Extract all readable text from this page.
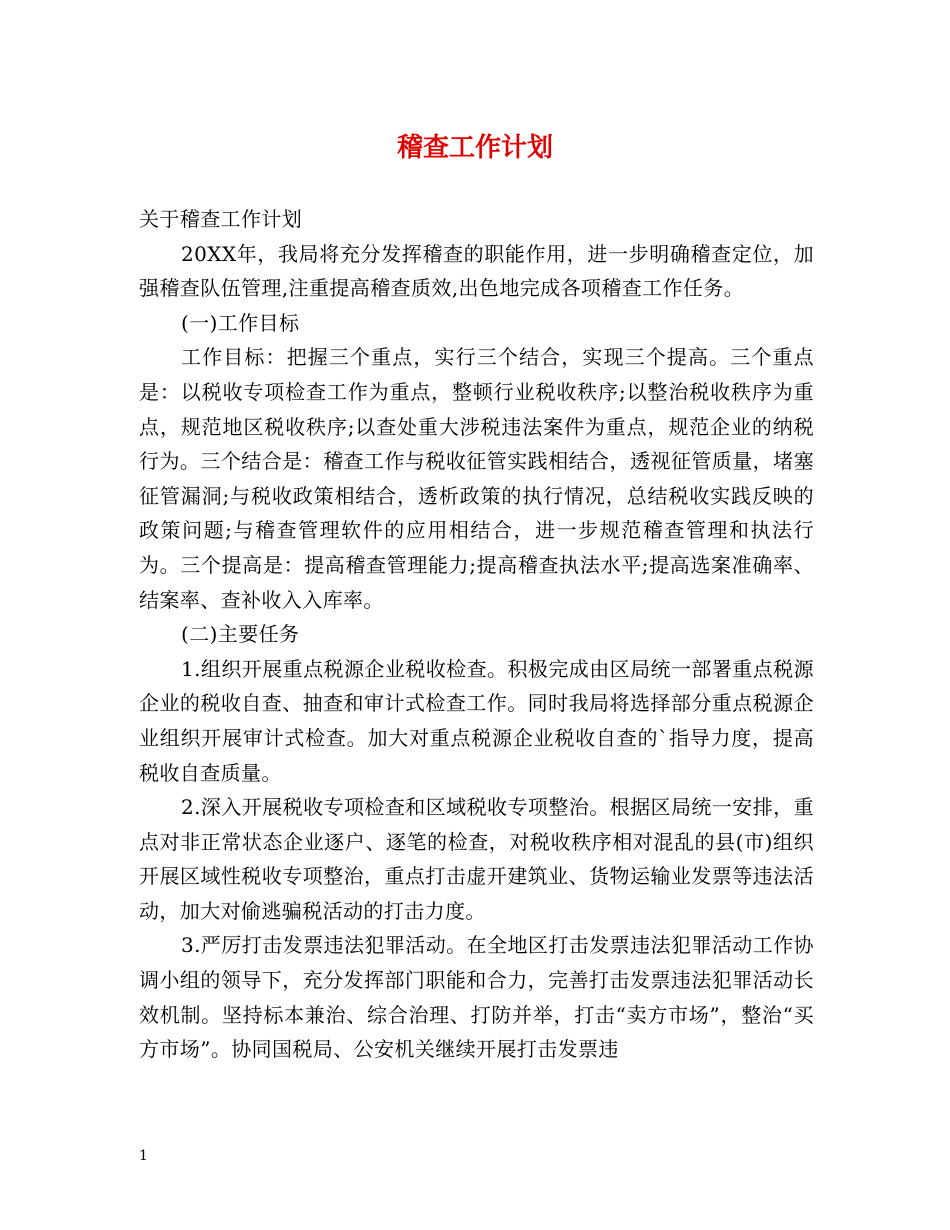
稽查工作计划

关于稽查工作计划

20XX年，我局将充分发挥稽查的职能作用，进一步明确稽查定位，加强稽查队伍管理,注重提高稽查质效,出色地完成各项稽查工作任务。

(一)工作目标

工作目标：把握三个重点，实行三个结合，实现三个提高。三个重点是：以税收专项检查工作为重点，整顿行业税收秩序;以整治税收秩序为重点，规范地区税收秩序;以查处重大涉税违法案件为重点，规范企业的纳税行为。三个结合是：稽查工作与税收征管实践相结合，透视征管质量，堵塞征管漏洞;与税收政策相结合，透析政策的执行情况，总结税收实践反映的政策问题;与稽查管理软件的应用相结合，进一步规范稽查管理和执法行为。三个提高是：提高稽查管理能力;提高稽查执法水平;提高选案准确率、结案率、查补收入入库率。

(二)主要任务

1.组织开展重点税源企业税收检查。积极完成由区局统一部署重点税源企业的税收自查、抽查和审计式检查工作。同时我局将选择部分重点税源企业组织开展审计式检查。加大对重点税源企业税收自查的`指导力度，提高税收自查质量。

2.深入开展税收专项检查和区域税收专项整治。根据区局统一安排，重点对非正常状态企业逐户、逐笔的检查，对税收秩序相对混乱的县(市)组织开展区域性税收专项整治，重点打击虚开建筑业、货物运输业发票等违法活动，加大对偷逃骗税活动的打击力度。

3.严厉打击发票违法犯罪活动。在全地区打击发票违法犯罪活动工作协调小组的领导下，充分发挥部门职能和合力，完善打击发票违法犯罪活动长效机制。坚持标本兼治、综合治理、打防并举，打击“卖方市场”，整治“买方市场”。协同国税局、公安机关继续开展打击发票违

1
